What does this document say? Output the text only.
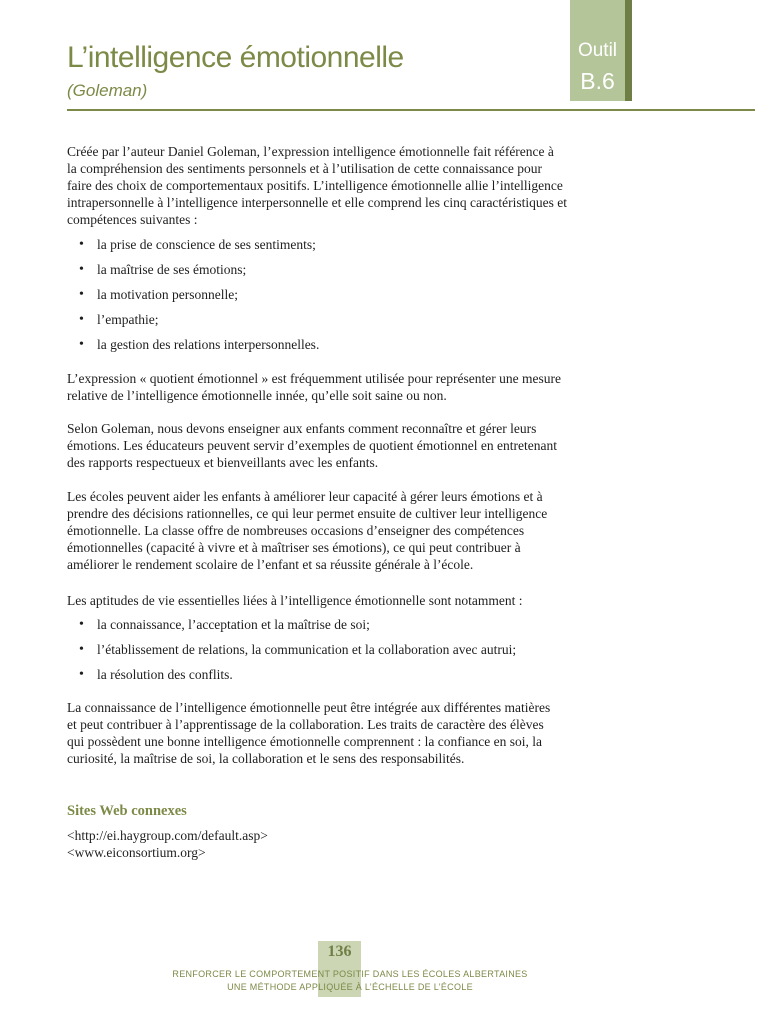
Outil
B.6
L’intelligence émotionnelle
(Goleman)

Créée par l’auteur Daniel Goleman, l’expression intelligence émotionnelle fait référence à
la compréhension des sentiments personnels et à l’utilisation de cette connaissance pour
faire des choix de comportementaux positifs. L’intelligence émotionnelle allie l’intelligence
intrapersonnelle à l’intelligence interpersonnelle et elle comprend les cinq caractéristiques et
compétences suivantes :

• la prise de conscience de ses sentiments;
• la maîtrise de ses émotions;
• la motivation personnelle;
• l’empathie;
• la gestion des relations interpersonnelles.

L’expression « quotient émotionnel » est fréquemment utilisée pour représenter une mesure
relative de l’intelligence émotionnelle innée, qu’elle soit saine ou non.

Selon Goleman, nous devons enseigner aux enfants comment reconnaître et gérer leurs
émotions. Les éducateurs peuvent servir d’exemples de quotient émotionnel en entretenant
des rapports respectueux et bienveillants avec les enfants.

Les écoles peuvent aider les enfants à améliorer leur capacité à gérer leurs émotions et à
prendre des décisions rationnelles, ce qui leur permet ensuite de cultiver leur intelligence
émotionnelle. La classe offre de nombreuses occasions d’enseigner des compétences
émotionnelles (capacité à vivre et à maîtriser ses émotions), ce qui peut contribuer à
améliorer le rendement scolaire de l’enfant et sa réussite générale à l’école.

Les aptitudes de vie essentielles liées à l’intelligence émotionnelle sont notamment :

• la connaissance, l’acceptation et la maîtrise de soi;
• l’établissement de relations, la communication et la collaboration avec autrui;
• la résolution des conflits.

La connaissance de l’intelligence émotionnelle peut être intégrée aux différentes matières
et peut contribuer à l’apprentissage de la collaboration. Les traits de caractère des élèves
qui possèdent une bonne intelligence émotionnelle comprennent : la confiance en soi, la
curiosité, la maîtrise de soi, la collaboration et le sens des responsabilités.

Sites Web connexes

<http://ei.haygroup.com/default.asp>
<www.eiconsortium.org>

136
RENFORCER LE COMPORTEMENT POSITIF DANS LES ÉCOLES ALBERTAINES
UNE MÉTHODE APPLIQUÉE À L’ÉCHELLE DE L’ÉCOLE
